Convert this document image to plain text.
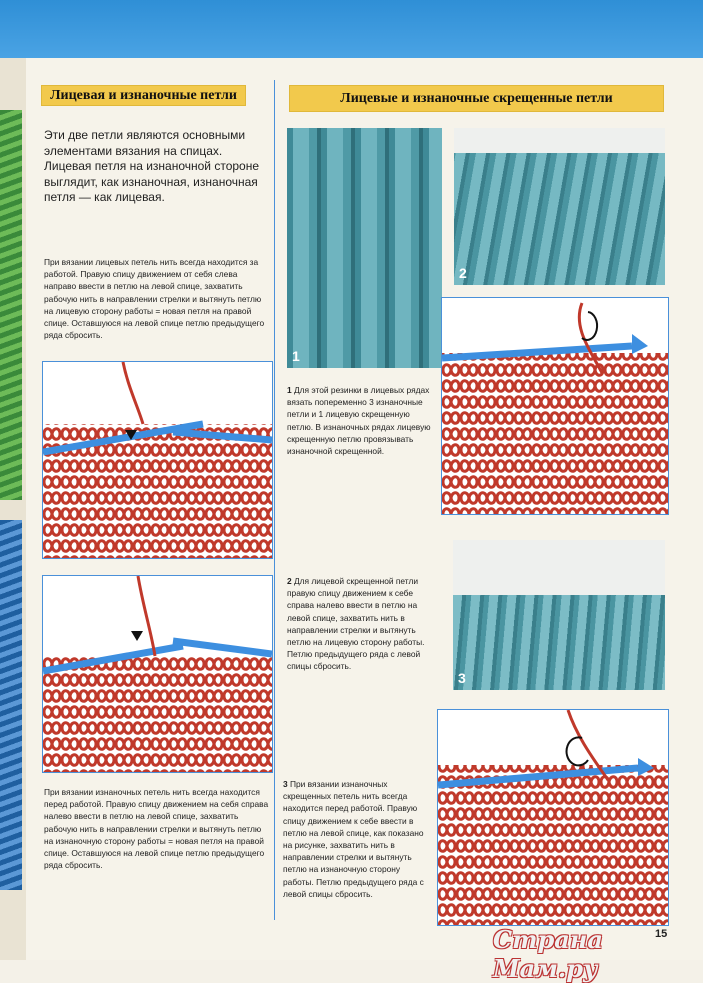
Лицевая и изнаночные петли	Лицевые и изнаночные скрещенные петли
Эти две петли являются основными элементами вязания на спицах. Лицевая петля на изнаночной стороне выглядит, как изнаночная, изнаночная петля — как лицевая.
При вязании лицевых петель нить всегда находится за работой. Правую спицу движением от себя слева направо ввести в петлю на левой спице, захватить рабочую нить в направлении стрелки и вытянуть петлю на лицевую сторону работы = новая петля на правой спице. Оставшуюся на левой спице петлю предыдущего ряда сбросить.
При вязании изнаночных петель нить всегда находится перед работой. Правую спицу движением на себя справа налево ввести в петлю на левой спице, захватить рабочую нить в направлении стрелки и вытянуть петлю на изнаночную сторону работы = новая петля на правой спице. Оставшуюся на левой спице петлю предыдущего ряда сбросить.
1
2
1 Для этой резинки в лицевых рядах вязать попеременно 3 изнаночные петли и 1 лицевую скрещенную петлю. В изнаночных рядах лицевую скрещенную петлю провязывать изнаночной скрещенной.
3
2 Для лицевой скрещенной петли правую спицу движением к себе справа налево ввести в петлю на левой спице, захватить нить в направлении стрелки и вытянуть петлю на лицевую сторону работы. Петлю предыдущего ряда с левой спицы сбросить.
3 При вязании изнаночных скрещенных петель нить всегда находится перед работой. Правую спицу движением к себе ввести в петлю на левой спице, как показано на рисунке, захватить нить в направлении стрелки и вытянуть петлю на изнаночную сторону работы. Петлю предыдущего ряда с левой спицы сбросить.
Страна Мам.ру
15
